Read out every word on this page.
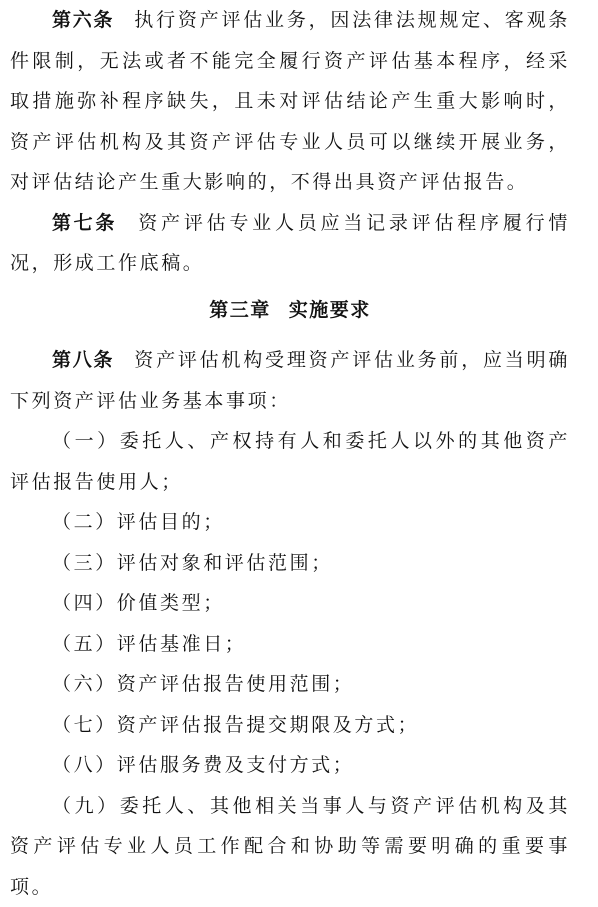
第六条 执行资产评估业务，因法律法规规定、客观条件限制，无法或者不能完全履行资产评估基本程序，经采取措施弥补程序缺失，且未对评估结论产生重大影响时，资产评估机构及其资产评估专业人员可以继续开展业务，对评估结论产生重大影响的，不得出具资产评估报告。

第七条 资产评估专业人员应当记录评估程序履行情况，形成工作底稿。

第三章 实施要求

第八条 资产评估机构受理资产评估业务前，应当明确下列资产评估业务基本事项：

（一）委托人、产权持有人和委托人以外的其他资产评估报告使用人；

（二）评估目的；

（三）评估对象和评估范围；

（四）价值类型；

（五）评估基准日；

（六）资产评估报告使用范围；

（七）资产评估报告提交期限及方式；

（八）评估服务费及支付方式；

（九）委托人、其他相关当事人与资产评估机构及其资产评估专业人员工作配合和协助等需要明确的重要事项。
